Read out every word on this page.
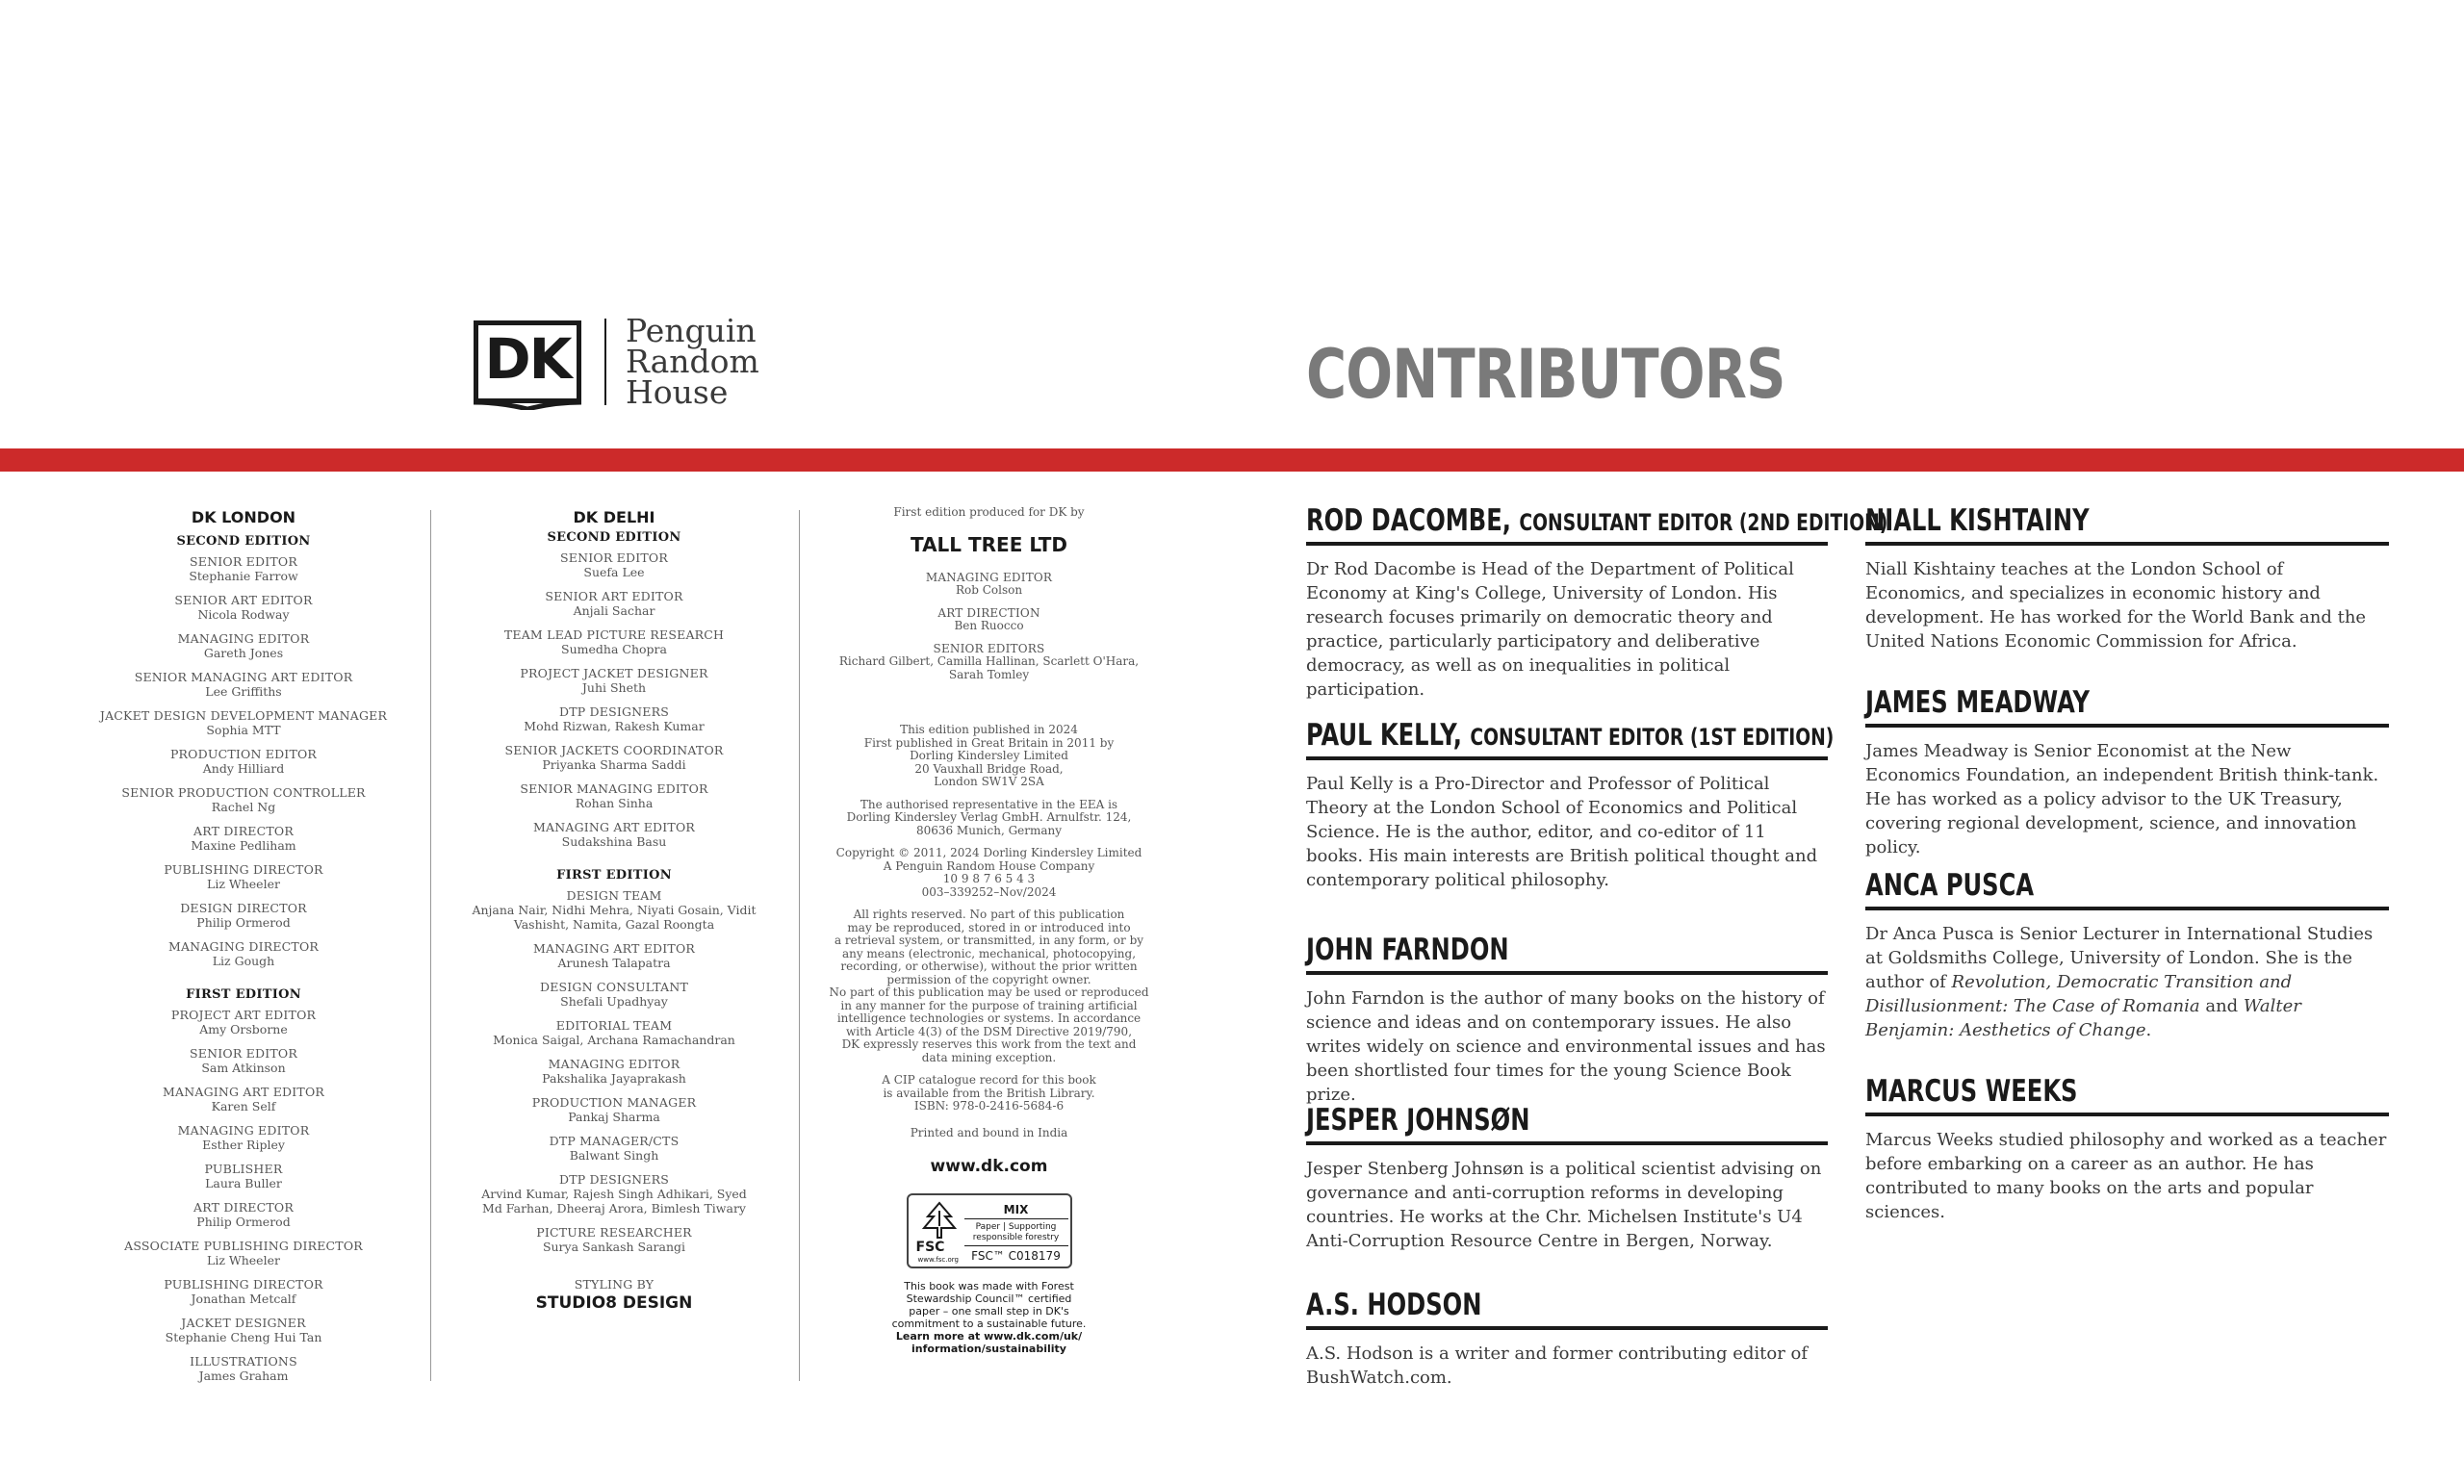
DK Penguin
Random
House	CONTRIBUTORS
DK LONDON
SECOND EDITION
SENIOR EDITOR
Stephanie Farrow
SENIOR ART EDITOR
Nicola Rodway
MANAGING EDITOR
Gareth Jones
SENIOR MANAGING ART EDITOR
Lee Griffiths
JACKET DESIGN DEVELOPMENT MANAGER
Sophia MTT
PRODUCTION EDITOR
Andy Hilliard
SENIOR PRODUCTION CONTROLLER
Rachel Ng
ART DIRECTOR
Maxine Pedliham
PUBLISHING DIRECTOR
Liz Wheeler
DESIGN DIRECTOR
Philip Ormerod
MANAGING DIRECTOR
Liz Gough
FIRST EDITION
PROJECT ART EDITOR
Amy Orsborne
SENIOR EDITOR
Sam Atkinson
MANAGING ART EDITOR
Karen Self
MANAGING EDITOR
Esther Ripley
PUBLISHER
Laura Buller
ART DIRECTOR
Philip Ormerod
ASSOCIATE PUBLISHING DIRECTOR
Liz Wheeler
PUBLISHING DIRECTOR
Jonathan Metcalf
JACKET DESIGNER
Stephanie Cheng Hui Tan
ILLUSTRATIONS
James Graham
DK DELHI
SECOND EDITION
SENIOR EDITOR
Suefa Lee
SENIOR ART EDITOR
Anjali Sachar
TEAM LEAD PICTURE RESEARCH
Sumedha Chopra
PROJECT JACKET DESIGNER
Juhi Sheth
DTP DESIGNERS
Mohd Rizwan, Rakesh Kumar
SENIOR JACKETS COORDINATOR
Priyanka Sharma Saddi
SENIOR MANAGING EDITOR
Rohan Sinha
MANAGING ART EDITOR
Sudakshina Basu
FIRST EDITION
DESIGN TEAM
Anjana Nair, Nidhi Mehra, Niyati Gosain, Vidit Vashisht, Namita, Gazal Roongta
MANAGING ART EDITOR
Arunesh Talapatra
DESIGN CONSULTANT
Shefali Upadhyay
EDITORIAL TEAM
Monica Saigal, Archana Ramachandran
MANAGING EDITOR
Pakshalika Jayaprakash
PRODUCTION MANAGER
Pankaj Sharma
DTP MANAGER/CTS
Balwant Singh
DTP DESIGNERS
Arvind Kumar, Rajesh Singh Adhikari, Syed Md Farhan, Dheeraj Arora, Bimlesh Tiwary
PICTURE RESEARCHER
Surya Sankash Sarangi
STYLING BY
STUDIO8 DESIGN
First edition produced for DK by
TALL TREE LTD
MANAGING EDITOR
Rob Colson
ART DIRECTION
Ben Ruocco
SENIOR EDITORS
Richard Gilbert, Camilla Hallinan, Scarlett O'Hara, Sarah Tomley
This edition published in 2024
First published in Great Britain in 2011 by
Dorling Kindersley Limited
20 Vauxhall Bridge Road,
London SW1V 2SA
The authorised representative in the EEA is
Dorling Kindersley Verlag GmbH. Arnulfstr. 124,
80636 Munich, Germany
Copyright © 2011, 2024 Dorling Kindersley Limited
A Penguin Random House Company
10 9 8 7 6 5 4 3
003–339252–Nov/2024
All rights reserved. No part of this publication
may be reproduced, stored in or introduced into
a retrieval system, or transmitted, in any form, or by
any means (electronic, mechanical, photocopying,
recording, or otherwise), without the prior written
permission of the copyright owner.
No part of this publication may be used or reproduced
in any manner for the purpose of training artificial
intelligence technologies or systems. In accordance
with Article 4(3) of the DSM Directive 2019/790,
DK expressly reserves this work from the text and
data mining exception.
A CIP catalogue record for this book
is available from the British Library.
ISBN: 978-0-2416-5684-6
Printed and bound in India
www.dk.com
FSC
www.fsc.org
MIX
Paper | Supporting
responsible forestry
FSC™ C018179
This book was made with Forest
Stewardship Council™ certified
paper – one small step in DK's
commitment to a sustainable future.
Learn more at www.dk.com/uk/
information/sustainability
ROD DACOMBE, CONSULTANT EDITOR (2ND EDITION)
Dr Rod Dacombe is Head of the Department of Political Economy at King's College, University of London. His research focuses primarily on democratic theory and practice, particularly participatory and deliberative democracy, as well as on inequalities in political participation.
PAUL KELLY, CONSULTANT EDITOR (1ST EDITION)
Paul Kelly is a Pro-Director and Professor of Political Theory at the London School of Economics and Political Science. He is the author, editor, and co-editor of 11 books. His main interests are British political thought and contemporary political philosophy.
JOHN FARNDON
John Farndon is the author of many books on the history of science and ideas and on contemporary issues. He also writes widely on science and environmental issues and has been shortlisted four times for the young Science Book prize.
JESPER JOHNSØN
Jesper Stenberg Johnsøn is a political scientist advising on governance and anti-corruption reforms in developing countries. He works at the Chr. Michelsen Institute's U4 Anti-Corruption Resource Centre in Bergen, Norway.
A.S. HODSON
A.S. Hodson is a writer and former contributing editor of BushWatch.com.
NIALL KISHTAINY
Niall Kishtainy teaches at the London School of Economics, and specializes in economic history and development. He has worked for the World Bank and the United Nations Economic Commission for Africa.
JAMES MEADWAY
James Meadway is Senior Economist at the New Economics Foundation, an independent British think-tank. He has worked as a policy advisor to the UK Treasury, covering regional development, science, and innovation policy.
ANCA PUSCA
Dr Anca Pusca is Senior Lecturer in International Studies at Goldsmiths College, University of London. She is the author of Revolution, Democratic Transition and Disillusionment: The Case of Romania and Walter Benjamin: Aesthetics of Change.
MARCUS WEEKS
Marcus Weeks studied philosophy and worked as a teacher before embarking on a career as an author. He has contributed to many books on the arts and popular sciences.
